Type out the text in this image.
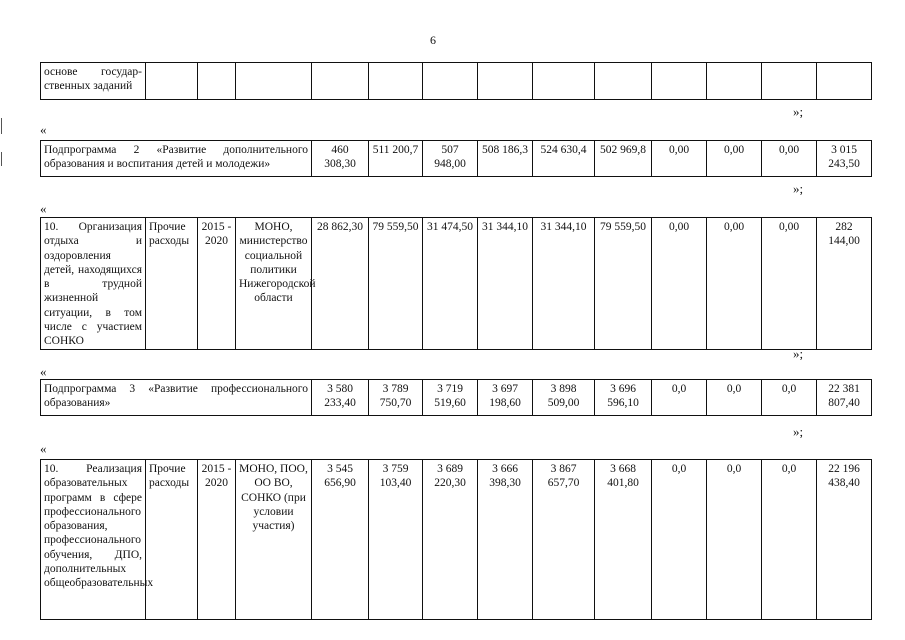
6
основе государ-ственных заданий													
»;
«
Подпрограмма 2 «Развитие дополнительного образования и воспитания детей и молодежи»	460 308,30	511 200,7	507 948,00	508 186,3	524 630,4	502 969,8	0,00	0,00	0,00	3 015 243,50
»;
«
10. Организация отдыха и оздоровления детей, находящихся в трудной жизненной ситуации, в том числе с участием СОНКО	Прочие расходы	2015 - 2020	МОНО, министерство социальной политики Нижегородской области	28 862,30	79 559,50	31 474,50	31 344,10	31 344,10	79 559,50	0,00	0,00	0,00	282 144,00
»;
«
Подпрограмма 3 «Развитие профессионального образования»	3 580 233,40	3 789 750,70	3 719 519,60	3 697 198,60	3 898 509,00	3 696 596,10	0,0	0,0	0,0	22 381 807,40
»;
«
10. Реализация образовательных программ в сфере профессионального образования, профессионального обучения, ДПО, дополнительных общеобразовательных	Прочие расходы	2015 - 2020	МОНО, ПОО, ОО ВО, СОНКО (при условии участия)	3 545 656,90	3 759 103,40	3 689 220,30	3 666 398,30	3 867 657,70	3 668 401,80	0,0	0,0	0,0	22 196 438,40
